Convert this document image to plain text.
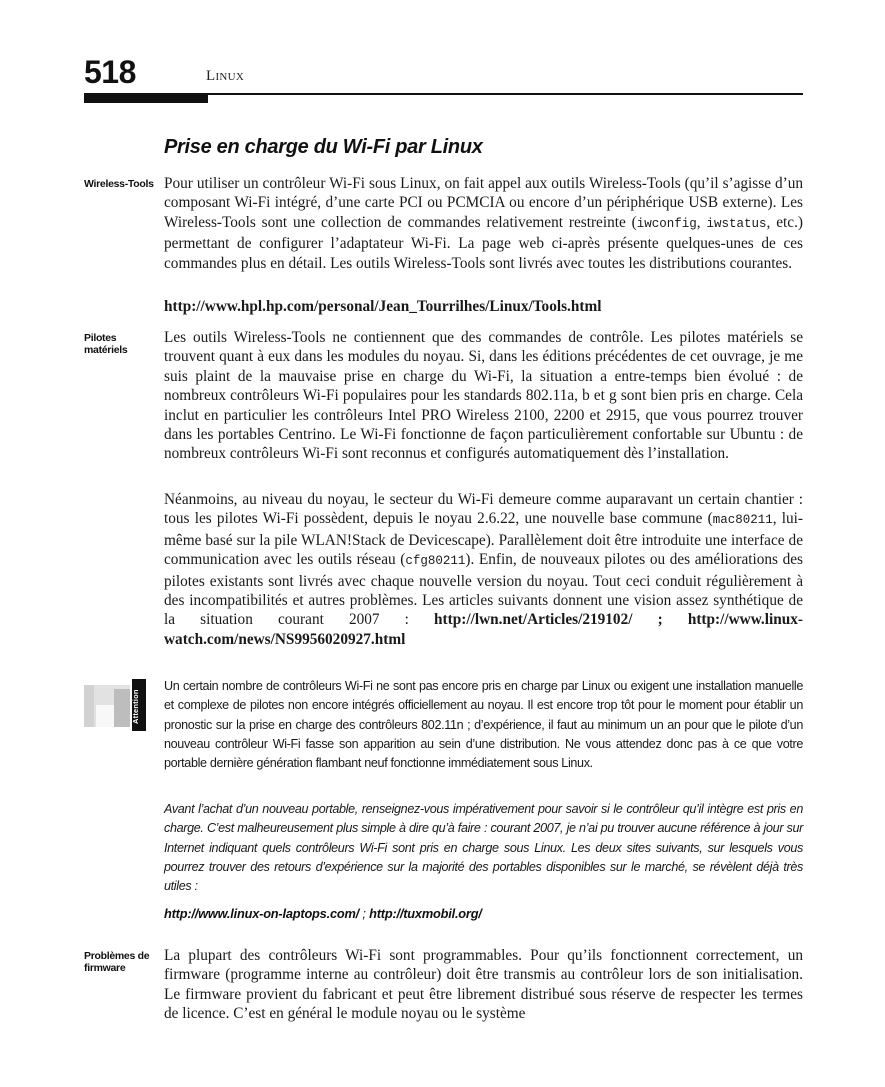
518	Linux
Prise en charge du Wi-Fi par Linux
Wireless-Tools
Pilotes matériels
Problèmes de firmware

Pour utiliser un contrôleur Wi-Fi sous Linux, on fait appel aux outils Wireless-Tools (qu’il s’agisse d’un composant Wi-Fi intégré, d’une carte PCI ou PCMCIA ou encore d’un périphérique USB externe). Les Wireless-Tools sont une collection de commandes relativement restreinte (iwconfig, iwstatus, etc.) permettant de configurer l’adaptateur Wi-Fi. La page web ci-après présente quelques-unes de ces commandes plus en détail. Les outils Wireless-Tools sont livrés avec toutes les distributions courantes.

http://www.hpl.hp.com/personal/Jean_Tourrilhes/Linux/Tools.html

Les outils Wireless-Tools ne contiennent que des commandes de contrôle. Les pilotes matériels se trouvent quant à eux dans les modules du noyau. Si, dans les éditions précédentes de cet ouvrage, je me suis plaint de la mauvaise prise en charge du Wi-Fi, la situation a entre-temps bien évolué : de nombreux contrôleurs Wi-Fi populaires pour les standards 802.11a, b et g sont bien pris en charge. Cela inclut en particulier les contrôleurs Intel PRO Wireless 2100, 2200 et 2915, que vous pourrez trouver dans les portables Centrino. Le Wi-Fi fonctionne de façon particulièrement confortable sur Ubuntu : de nombreux contrôleurs Wi-Fi sont reconnus et configurés automatiquement dès l’installation.

Néanmoins, au niveau du noyau, le secteur du Wi-Fi demeure comme auparavant un certain chantier : tous les pilotes Wi-Fi possèdent, depuis le noyau 2.6.22, une nouvelle base commune (mac80211, lui-même basé sur la pile WLAN!Stack de Devicescape). Parallèlement doit être introduite une interface de communication avec les outils réseau (cfg80211). Enfin, de nouveaux pilotes ou des améliorations des pilotes existants sont livrés avec chaque nouvelle version du noyau. Tout ceci conduit régulièrement à des incompatibilités et autres problèmes. Les articles suivants donnent une vision assez synthétique de la situation courant 2007 : http://lwn.net/Articles/219102/ ; http://www.linux-watch.com/news/NS9956020927.html

Attention

Un certain nombre de contrôleurs Wi-Fi ne sont pas encore pris en charge par Linux ou exigent une installation manuelle et complexe de pilotes non encore intégrés officiellement au noyau. Il est encore trop tôt pour le moment pour établir un pronostic sur la prise en charge des contrôleurs 802.11n ; d’expérience, il faut au minimum un an pour que le pilote d’un nouveau contrôleur Wi-Fi fasse son apparition au sein d’une distribution. Ne vous attendez donc pas à ce que votre portable dernière génération flambant neuf fonctionne immédiatement sous Linux.

Avant l’achat d’un nouveau portable, renseignez-vous impérativement pour savoir si le contrôleur qu’il intègre est pris en charge. C’est malheureusement plus simple à dire qu’à faire : courant 2007, je n’ai pu trouver aucune référence à jour sur Internet indiquant quels contrôleurs Wi-Fi sont pris en charge sous Linux. Les deux sites suivants, sur lesquels vous pourrez trouver des retours d’expérience sur la majorité des portables disponibles sur le marché, se révèlent déjà très utiles :

http://www.linux-on-laptops.com/ ; http://tuxmobil.org/

La plupart des contrôleurs Wi-Fi sont programmables. Pour qu’ils fonctionnent correctement, un firmware (programme interne au contrôleur) doit être transmis au contrôleur lors de son initialisation. Le firmware provient du fabricant et peut être librement distribué sous réserve de respecter les termes de licence. C’est en général le module noyau ou le système
